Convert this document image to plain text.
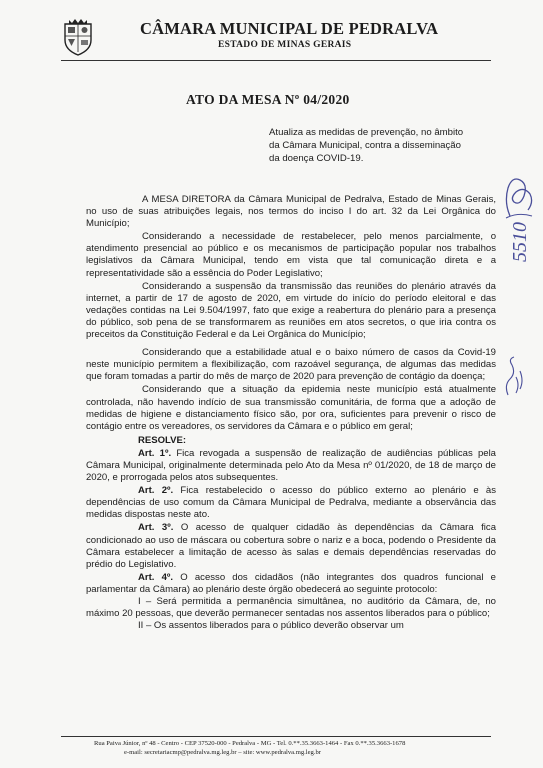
CÂMARA MUNICIPAL DE PEDRALVA
ESTADO DE MINAS GERAIS
ATO DA MESA Nº 04/2020
Atualiza as medidas de prevenção, no âmbito
da Câmara Municipal, contra a disseminação
da doença COVID-19.

A MESA DIRETORA da Câmara Municipal de Pedralva, Estado de Minas Gerais, no uso de suas atribuições legais, nos termos do inciso I do art. 32 da Lei Orgânica do Município;

Considerando a necessidade de restabelecer, pelo menos parcialmente, o atendimento presencial ao público e os mecanismos de participação popular nos trabalhos legislativos da Câmara Municipal, tendo em vista que tal comunicação direta e a representatividade são a essência do Poder Legislativo;

Considerando a suspensão da transmissão das reuniões do plenário através da internet, a partir de 17 de agosto de 2020, em virtude do início do período eleitoral e das vedações contidas na Lei 9.504/1997, fato que exige a reabertura do plenário para a presença do público, sob pena de se transformarem as reuniões em atos secretos, o que iria contra os preceitos da Constituição Federal e da Lei Orgânica do Município;

Considerando que a estabilidade atual e o baixo número de casos da Covid-19 neste município permitem a flexibilização, com razoável segurança, de algumas das medidas que foram tomadas a partir do mês de março de 2020 para prevenção de contágio da doença;

Considerando que a situação da epidemia neste município está atualmente controlada, não havendo indício de sua transmissão comunitária, de forma que a adoção de medidas de higiene e distanciamento físico são, por ora, suficientes para prevenir o risco de contágio entre os vereadores, os servidores da Câmara e o público em geral;

RESOLVE:

Art. 1º. Fica revogada a suspensão de realização de audiências públicas pela Câmara Municipal, originalmente determinada pelo Ato da Mesa nº 01/2020, de 18 de março de 2020, e prorrogada pelos atos subsequentes.

Art. 2º. Fica restabelecido o acesso do público externo ao plenário e às dependências de uso comum da Câmara Municipal de Pedralva, mediante a observância das medidas dispostas neste ato.

Art. 3º. O acesso de qualquer cidadão às dependências da Câmara fica condicionado ao uso de máscara ou cobertura sobre o nariz e a boca, podendo o Presidente da Câmara estabelecer a limitação de acesso às salas e demais dependências reservadas do prédio do Legislativo.

Art. 4º. O acesso dos cidadãos (não integrantes dos quadros funcional e parlamentar da Câmara) ao plenário deste órgão obedecerá ao seguinte protocolo:

I – Será permitida a permanência simultânea, no auditório da Câmara, de, no máximo 20 pessoas, que deverão permanecer sentadas nos assentos liberados para o público;

II – Os assentos liberados para o público deverão observar um

Rua Paiva Júnior, nº 48 - Centro - CEP 37520-000 - Pedralva - MG - Tel. 0.**.35.3663-1464 - Fax 0.**.35.3663-1678
e-mail: secretariacmp@pedralva.mg.leg.br – site: www.pedralva.mg.leg.br
5510
